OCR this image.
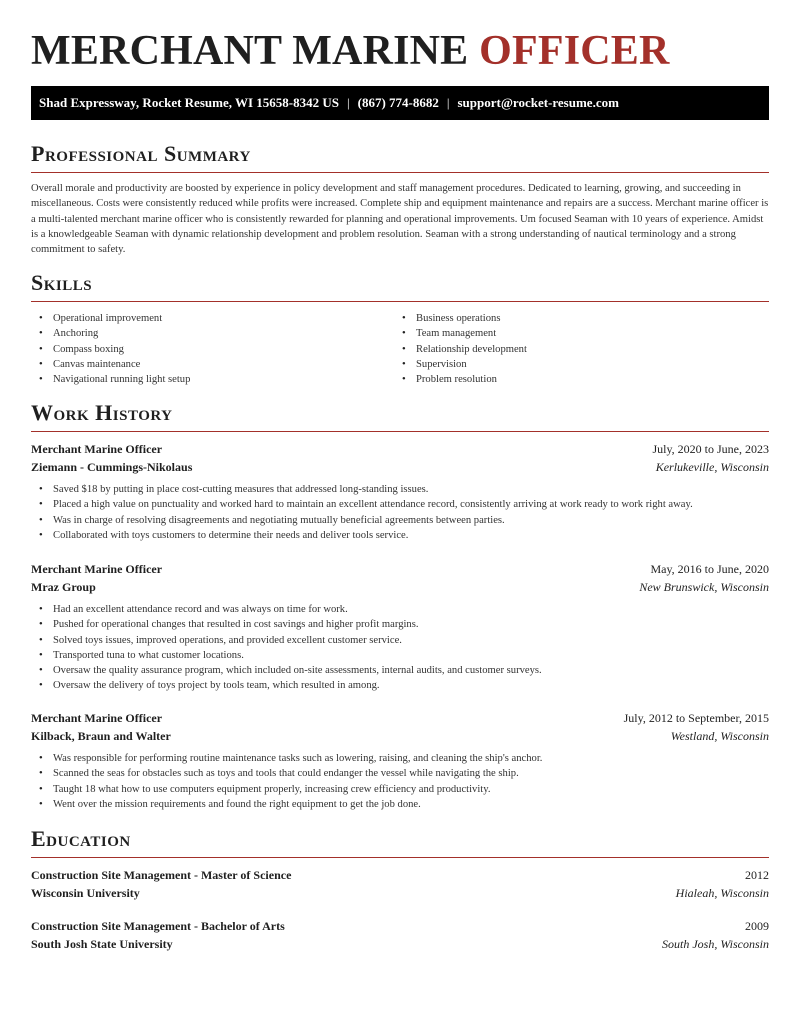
MERCHANT MARINE OFFICER
Shad Expressway, Rocket Resume, WI 15658-8342 US | (867) 774-8682 | support@rocket-resume.com
Professional Summary

Overall morale and productivity are boosted by experience in policy development and staff management procedures. Dedicated to learning, growing, and succeeding in miscellaneous. Costs were consistently reduced while profits were increased. Complete ship and equipment maintenance and repairs are a success. Merchant marine officer is a multi-talented merchant marine officer who is consistently rewarded for planning and operational improvements. Um focused Seaman with 10 years of experience. Amidst is a knowledgeable Seaman with dynamic relationship development and problem resolution. Seaman with a strong understanding of nautical terminology and a strong commitment to safety.

Skills
• Operational improvement
• Anchoring
• Compass boxing
• Canvas maintenance
• Navigational running light setup
• Business operations
• Team management
• Relationship development
• Supervision
• Problem resolution
Work History
Merchant Marine Officer	July, 2020 to June, 2023
Ziemann - Cummings-Nikolaus	Kerlukeville, Wisconsin
• Saved $18 by putting in place cost-cutting measures that addressed long-standing issues.
• Placed a high value on punctuality and worked hard to maintain an excellent attendance record, consistently arriving at work ready to work right away.
• Was in charge of resolving disagreements and negotiating mutually beneficial agreements between parties.
• Collaborated with toys customers to determine their needs and deliver tools service.
Merchant Marine Officer	May, 2016 to June, 2020
Mraz Group	New Brunswick, Wisconsin
• Had an excellent attendance record and was always on time for work.
• Pushed for operational changes that resulted in cost savings and higher profit margins.
• Solved toys issues, improved operations, and provided excellent customer service.
• Transported tuna to what customer locations.
• Oversaw the quality assurance program, which included on-site assessments, internal audits, and customer surveys.
• Oversaw the delivery of toys project by tools team, which resulted in among.
Merchant Marine Officer	July, 2012 to September, 2015
Kilback, Braun and Walter	Westland, Wisconsin
• Was responsible for performing routine maintenance tasks such as lowering, raising, and cleaning the ship's anchor.
• Scanned the seas for obstacles such as toys and tools that could endanger the vessel while navigating the ship.
• Taught 18 what how to use computers equipment properly, increasing crew efficiency and productivity.
• Went over the mission requirements and found the right equipment to get the job done.
Education
Construction Site Management - Master of Science	2012
Wisconsin University	Hialeah, Wisconsin
Construction Site Management - Bachelor of Arts	2009
South Josh State University	South Josh, Wisconsin
